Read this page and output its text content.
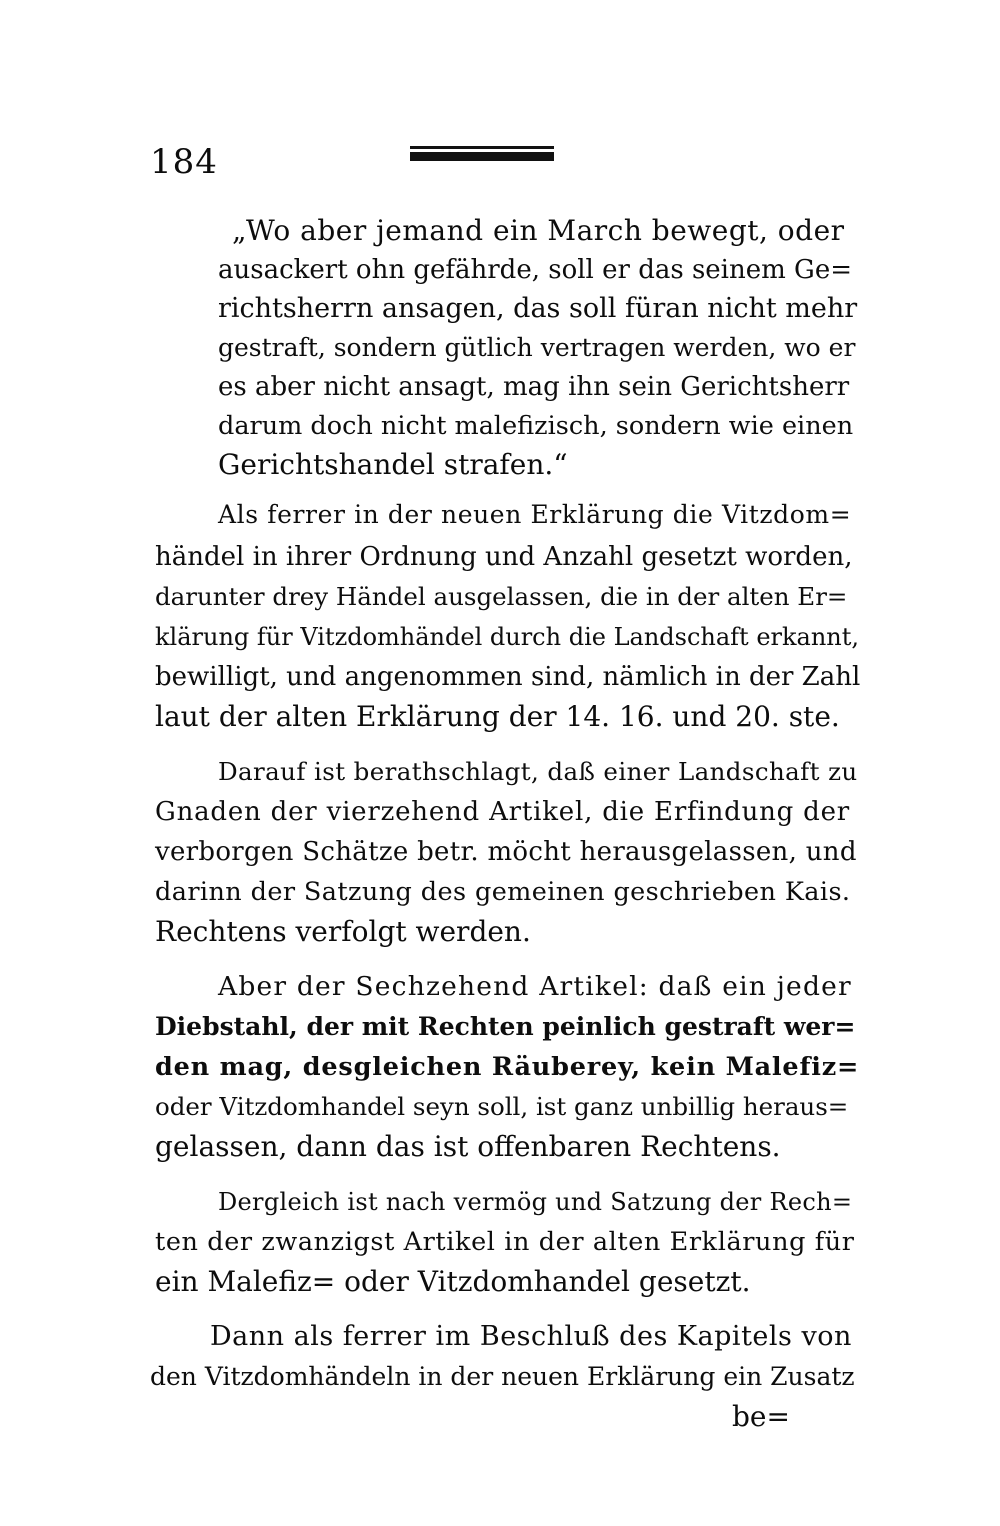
184
„Wo aber jemand ein March bewegt, oder
ausackert ohn gefährde, soll er das seinem Ge=
richtsherrn ansagen, das soll füran nicht mehr
gestraft, sondern gütlich vertragen werden, wo er
es aber nicht ansagt, mag ihn sein Gerichtsherr
darum doch nicht malefizisch, sondern wie einen
Gerichtshandel strafen.“
Als ferrer in der neuen Erklärung die Vitzdom=
händel in ihrer Ordnung und Anzahl gesetzt worden,
darunter drey Händel ausgelassen, die in der alten Er=
klärung für Vitzdomhändel durch die Landschaft erkannt,
bewilligt, und angenommen sind, nämlich in der Zahl
laut der alten Erklärung der 14. 16. und 20. ste.
Darauf ist berathschlagt, daß einer Landschaft zu
Gnaden der vierzehend Artikel, die Erfindung der
verborgen Schätze betr. möcht herausgelassen, und
darinn der Satzung des gemeinen geschrieben Kais.
Rechtens verfolgt werden.
Aber der Sechzehend Artikel: daß ein jeder
Diebstahl, der mit Rechten peinlich gestraft wer=
den mag, desgleichen Räuberey, kein Malefiz=
oder Vitzdomhandel seyn soll, ist ganz unbillig heraus=
gelassen, dann das ist offenbaren Rechtens.
Dergleich ist nach vermög und Satzung der Rech=
ten der zwanzigst Artikel in der alten Erklärung für
ein Malefiz= oder Vitzdomhandel gesetzt.
Dann als ferrer im Beschluß des Kapitels von
den Vitzdomhändeln in der neuen Erklärung ein Zusatz
be=
